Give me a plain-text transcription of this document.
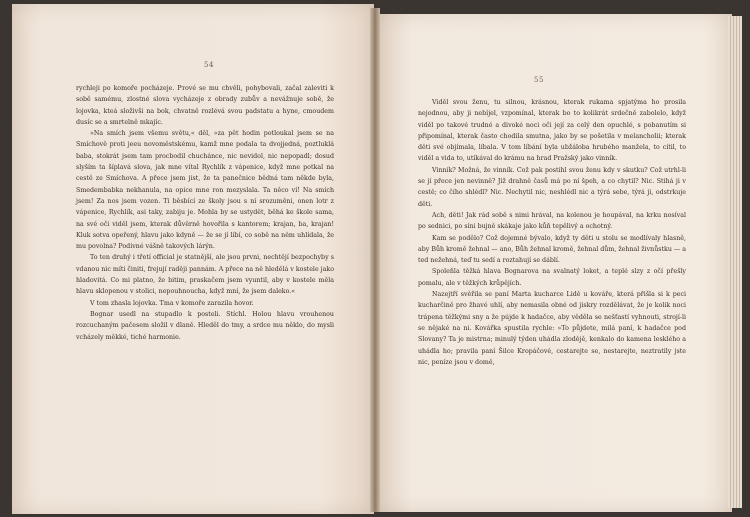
54
55

rychleji po komoře pocházeje. Ртové se mu chvěli, pohybovali, začal zaleviti k sobě samému, zlostné slova vycházeje z obrady zubův a nevážnuje sobě, že lojovka, kteá složivši na bok, chvatně rozlévá svou padstatu a hyne, cmoudem dusíc se a smrtelně mkajíc.

»Na smích jsem všemu světu,« děl, »za pět hodin potloukal jsem se na Smíchově proti jeeu novoměstskému, kamž mne podala ta dvojjedná, poztluklá baba, stokrát jsem tam procbodil chuchánce, nic nevidol, nic nepopadl; dosud slyším ta šíplavá slova, jak mne vítal Rychlík z vápenice, když mne potkal na cestě ze Smíchova. A přece jsem jist, že ta panečnice bědná tam někde byla, Smedembabka nekhanula, na opice mne ron mezyslala. Ta něco ví! Na smích jsem! Za nos jsem vozen. Ti běsbící ze školy jsou s ní srozuměni, onen lotr z vápenice, Rychlík, asi taky, zabiju je. Mohla by se ustydět, běhá ke škole sama, na své oči viděl jsem, kterak důvěrně hovořila s kantorem; krajan, ba, krajan! Kluk sotva opeřený, hlavu jako kdyně — že se jí líbí, co sobě na něm uhlídala, že mu povolna? Podivné vášně takových lárýn.

To ten druhý i třetí official je statnější, ale jsou prvni, nechtějí bezpochyby s vdanou nic míti činiti, frejují raději pannám. A přece na ně hledělá v kostele jako hladovitá. Co mi platno, že bitim, praskačem jsem vyuntil, aby v kostele měla hlavu sklopenou v stolici, nepouhnoucha, když mní, že jsem daleko.«

V tom zhasla lojovka. Tma v komoře zarazila hovor.

Bognar usedl na stupadlo k posteli. Stíchl. Holou hlavu vrouhenou rozcuchaným pačesem složil v dlaně. Hleděl do tmy, a srdce mu něklo, do mysli vcházely měkké, tiché harmonie.

Viděl svou ženu, tu silnou, krásnou, kterak rukama spjatýma ho prosila nejodnou, aby ji nebíjel, vzpomínal, kterak bo to kolikrát srdečně zabolelo, když viděl po takové trudné a divoké noci oči její za celý den opuchlé, s pobanutím si připomínal, kterak často chodila smutna, jako by se pošetila v melancholii; kterak děti své objímala, líbala. V tom líbání byla ubžáloba hrubého manžela, to cítil, to viděl a vida to, utíkával do krámu na hrad Pražský jako vinník.

Vinník? Možná, že vinník. Což pak postihl svou ženu kdy v skutku? Což utrhl-li se jí přece jen nevinně? Již drahně časů má po ní špeh, a co chytil? Nic. Stihá ji v cestě; co čího shlédl? Nic. Nechytil nic, neshlédl nic a týrá sebe, týrá ji, odstrkuje děti.

Ach, děti! Jak rád sobě s nimi hrával, na kolenou je houpával, na krku nosíval po sednici, po síni bujně skákaje jako kůň tepělivý a ochotný.

Kam se podělo? Což dojemné bývalo, když ty děti u stolu se modlívaly hlasně, aby Bůh kromě žehnal — ano, Bůh žehnal kromě, žehnal dům, žehnal živnůstku — a ted nežehná, teď tu sedí a roztahují se dáblí.

Spoleňla těžká hlava Bognarova na svalnatý loket, a teplé slzy z očí přešly pomalu, ale v těžkých krůpějích.

Nazejtří svěřila se paní Marta kucharce Lidě u kováře, která přišla si k peci kucharčině pro žhavé uhlí, aby nemasila obné od jiskry rozdělávat, že je kolik noci trápena těžkými sny a že pújde k hadačce, aby věděla se nešťastí vyhnouti, strojí-li se nějaké na ni. Kovářka spustila rychle: »To půjdete, milá paní, k hadačce pod Slovany? Ta je mistrna; minulý týden uhádla zlodějě, kenkalo do kamena lesklého a uhádla ho; pravila paní Šilce Kropáčové, cestarejte se, nestarejte, neztratily jste nic, peníze jsou v domě,
